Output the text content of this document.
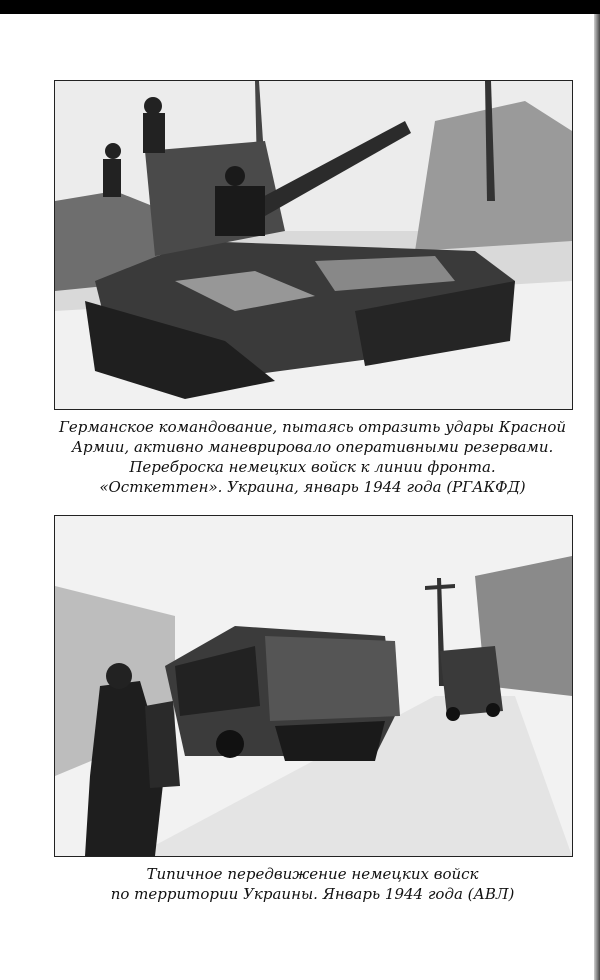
Германское командование, пытаясь отразить удары Красной
Армии, активно маневрировало оперативными резервами.
Переброска немецких войск к линии фронта.
«Осткеттен». Украина, январь 1944 года (РГАКФД)

Типичное передвижение немецких войск
по территории Украины. Январь 1944 года (АВЛ)
